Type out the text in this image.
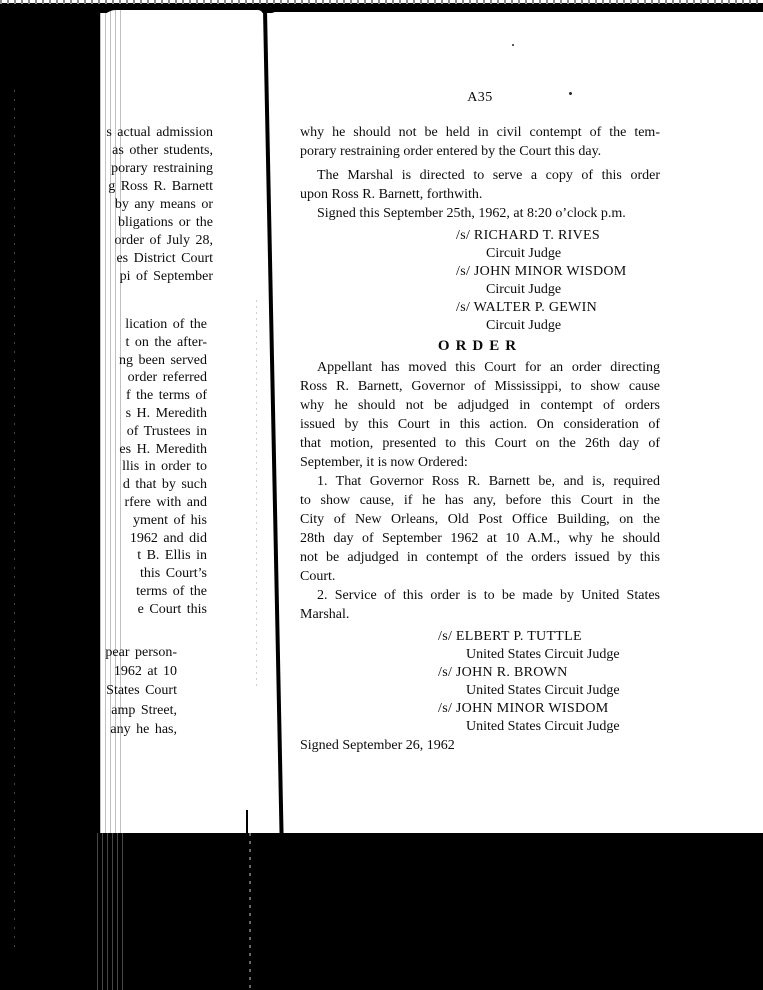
s actual admission
as other students,
porary restraining
g Ross R. Barnett
by any means or
bligations or the
order of July 28,
es District Court
pi of September
lication of the
t on the after-
ng been served
order referred
f the terms of
s H. Meredith
of Trustees in
es H. Meredith
llis in order to
d that by such
rfere with and
yment of his
1962 and did
t B. Ellis in
this Court’s
terms of the
e Court this
pear person-
1962 at 10
States Court
amp Street,
any he has,
A35
why he should not be held in civil contempt of the tem-
porary restraining order entered by the Court this day.
The Marshal is directed to serve a copy of this order
upon Ross R. Barnett, forthwith.
Signed this September 25th, 1962, at 8:20 o’clock p.m.
/s/ RICHARD T. RIVES
Circuit Judge
/s/ JOHN MINOR WISDOM
Circuit Judge
/s/ WALTER P. GEWIN
Circuit Judge
ORDER
Appellant has moved this Court for an order directing
Ross R. Barnett, Governor of Mississippi, to show cause
why he should not be adjudged in contempt of orders
issued by this Court in this action. On consideration of
that motion, presented to this Court on the 26th day of
September, it is now Ordered:
1. That Governor Ross R. Barnett be, and is, required
to show cause, if he has any, before this Court in the
City of New Orleans, Old Post Office Building, on the
28th day of September 1962 at 10 A.M., why he should
not be adjudged in contempt of the orders issued by this
Court.
2. Service of this order is to be made by United States
Marshal.
/s/ ELBERT P. TUTTLE
United States Circuit Judge
/s/ JOHN R. BROWN
United States Circuit Judge
/s/ JOHN MINOR WISDOM
United States Circuit Judge
Signed September 26, 1962
